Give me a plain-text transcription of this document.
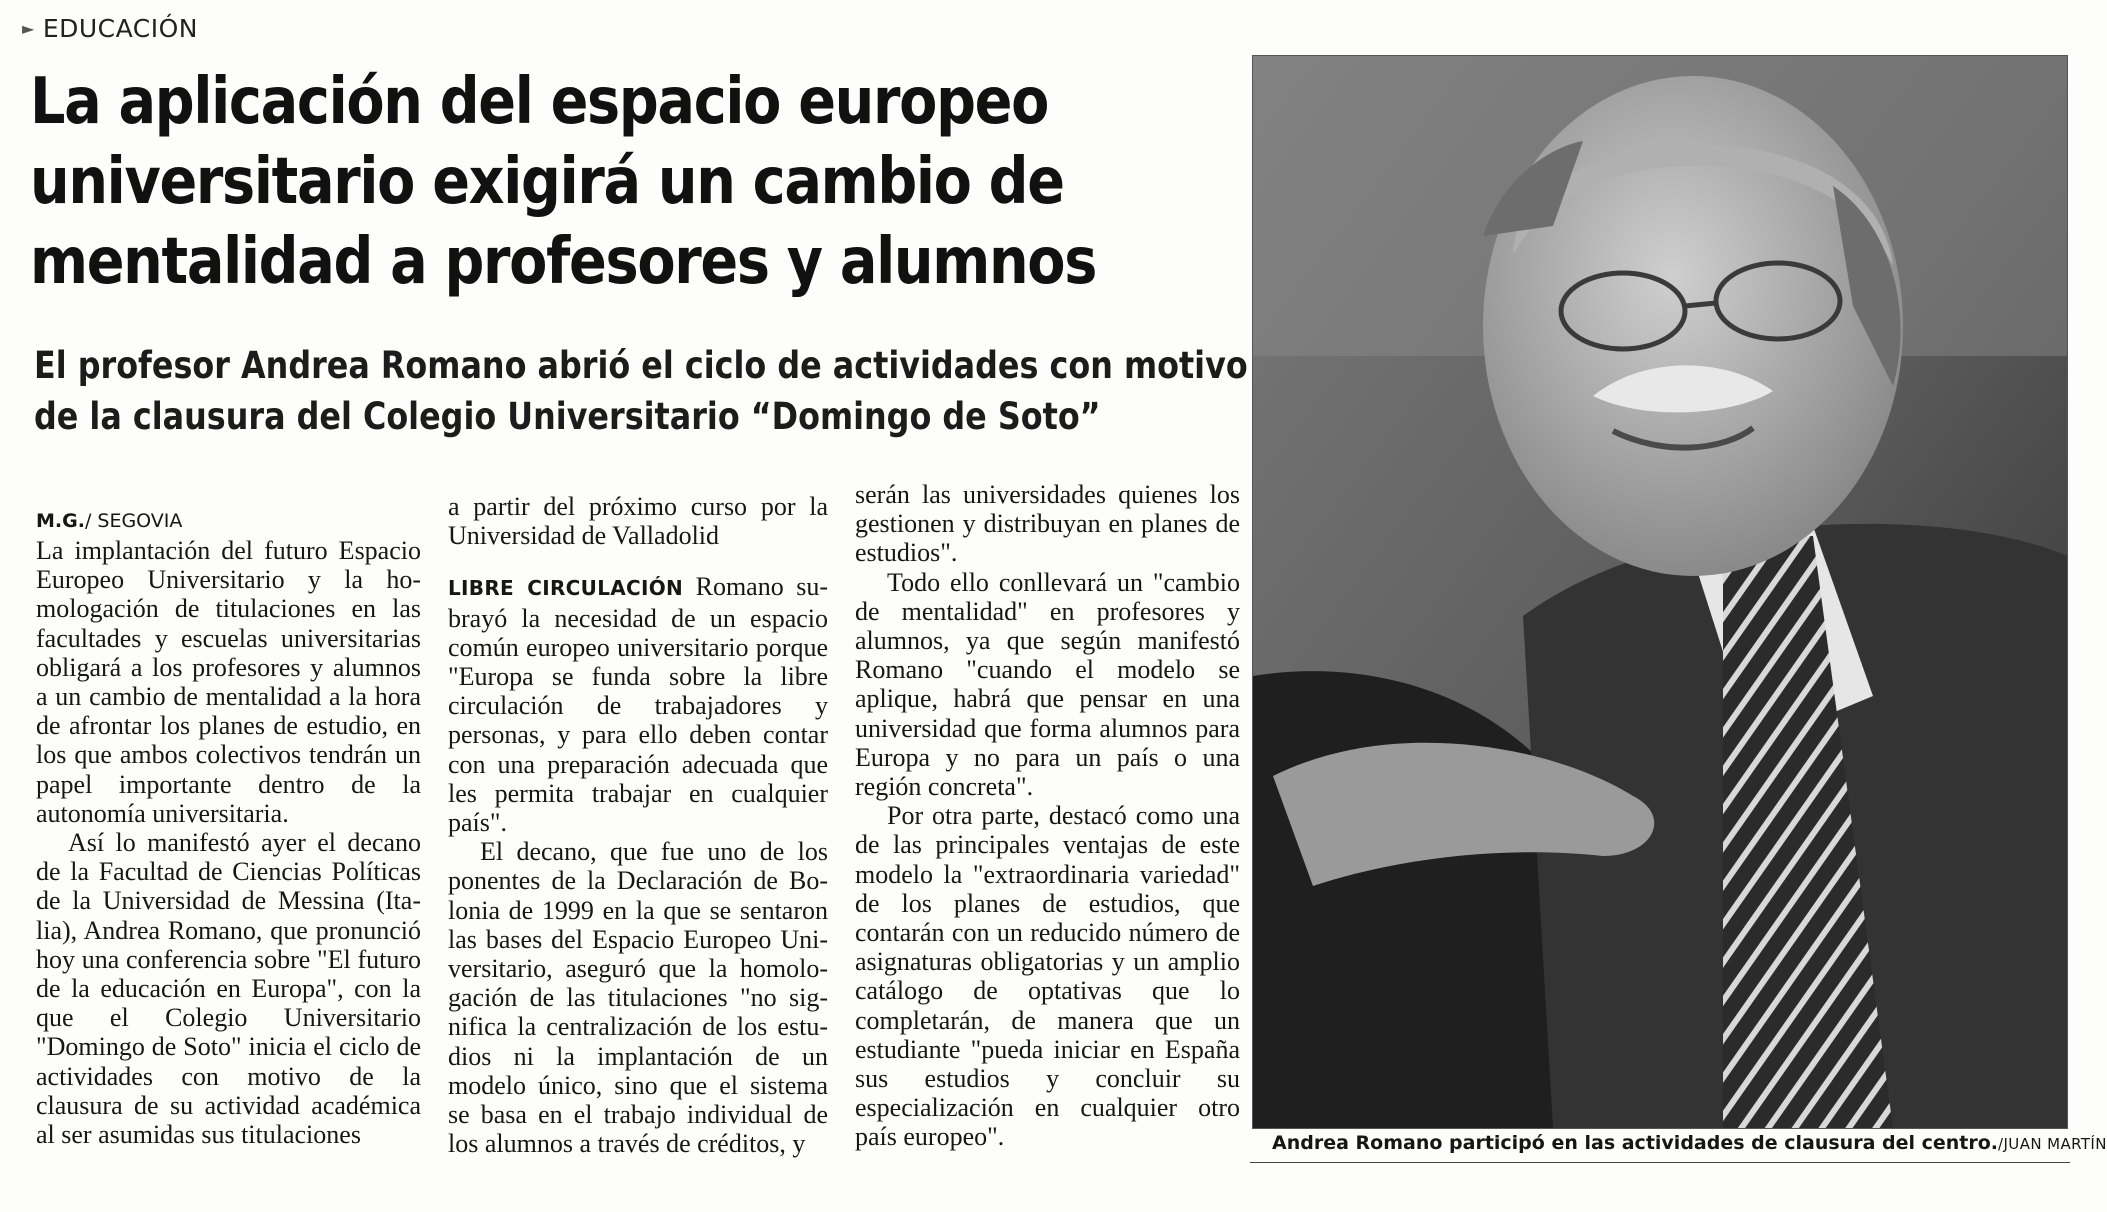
► EDUCACIÓN
La aplicación del espacio europeo
universitario exigirá un cambio de
mentalidad a profesores y alumnos
El profesor Andrea Romano abrió el ciclo de actividades con motivo
de la clausura del Colegio Universitario “Domingo de Soto”
M.G./ SEGOVIA

La implantación del futuro Espacio Europeo Universitario y la homologación de titulaciones en las facultades y escuelas universitarias obligará a los profesores y alumnos a un cambio de mentalidad a la hora de afrontar los planes de estudio, en los que ambos colectivos tendrán un papel importante dentro de la autonomía universitaria.

Así lo manifestó ayer el decano de la Facultad de Ciencias Políticas de la Universidad de Messina (Italia), Andrea Romano, que pronunció hoy una conferencia sobre "El futuro de la educación en Europa", con la que el Colegio Universitario "Domingo de Soto" inicia el ciclo de actividades con motivo de la clausura de su actividad académica al ser asumidas sus titulaciones

a partir del próximo curso por la Universidad de Valladolid

LIBRE CIRCULACIÓN Romano subrayó la necesidad de un espacio común europeo universitario porque "Europa se funda sobre la libre circulación de trabajadores y personas, y para ello deben contar con una preparación adecuada que les permita trabajar en cualquier país".

El decano, que fue uno de los ponentes de la Declaración de Bolonia de 1999 en la que se sentaron las bases del Espacio Europeo Universitario, aseguró que la homologación de las titulaciones "no significa la centralización de los estudios ni la implantación de un modelo único, sino que el sistema se basa en el trabajo individual de los alumnos a través de créditos, y

serán las universidades quienes los gestionen y distribuyan en planes de estudios".

Todo ello conllevará un "cambio de mentalidad" en profesores y alumnos, ya que según manifestó Romano "cuando el modelo se aplique, habrá que pensar en una universidad que forma alumnos para Europa y no para un país o una región concreta".

Por otra parte, destacó como una de las principales ventajas de este modelo la "extraordinaria variedad" de los planes de estudios, que contarán con un reducido número de asignaturas obligatorias y un amplio catálogo de optativas que lo completarán, de manera que un estudiante "pueda iniciar en España sus estudios y concluir su especialización en cualquier otro país europeo".	Andrea Romano participó en las actividades de clausura del centro./JUAN MARTÍN
